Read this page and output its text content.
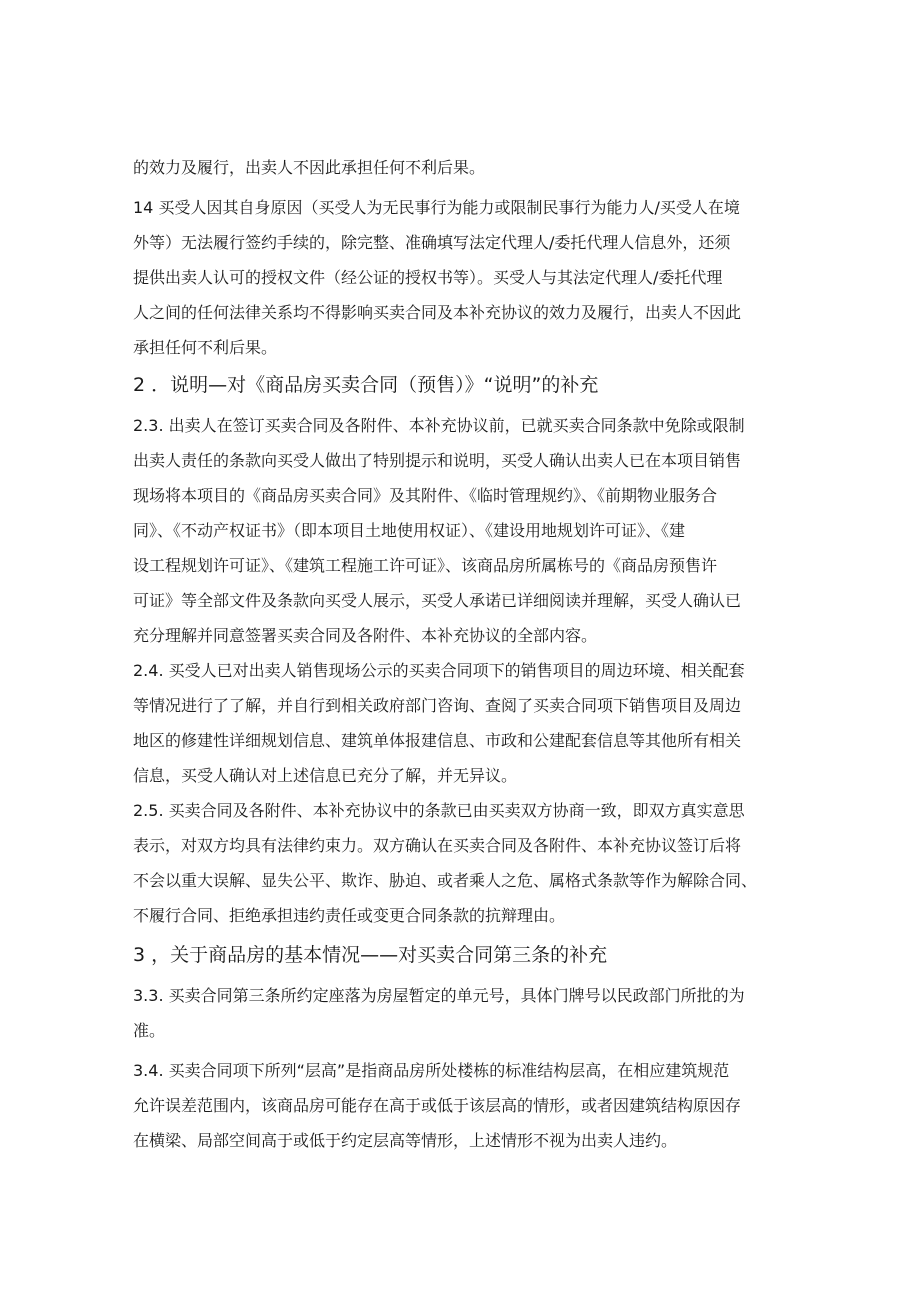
的效力及履行，出卖人不因此承担任何不利后果。
14 买受人因其自身原因（买受人为无民事行为能力或限制民事行为能力人/买受人在境
外等）无法履行签约手续的，除完整、准确填写法定代理人/委托代理人信息外，还须
提供出卖人认可的授权文件（经公证的授权书等）。买受人与其法定代理人/委托代理
人之间的任何法律关系均不得影响买卖合同及本补充协议的效力及履行，出卖人不因此
承担任何不利后果。
2 ．说明—对《商品房买卖合同（预售）》“说明”的补充
2.3. 出卖人在签订买卖合同及各附件、本补充协议前，已就买卖合同条款中免除或限制
出卖人责任的条款向买受人做出了特别提示和说明，买受人确认出卖人已在本项目销售
现场将本项目的《商品房买卖合同》及其附件、《临时管理规约》、《前期物业服务合
同》、《不动产权证书》（即本项目土地使用权证）、《建设用地规划许可证》、《建
设工程规划许可证》、《建筑工程施工许可证》、该商品房所属栋号的《商品房预售许
可证》等全部文件及条款向买受人展示，买受人承诺已详细阅读并理解，买受人确认已
充分理解并同意签署买卖合同及各附件、本补充协议的全部内容。
2.4. 买受人已对出卖人销售现场公示的买卖合同项下的销售项目的周边环境、相关配套
等情况进行了了解，并自行到相关政府部门咨询、查阅了买卖合同项下销售项目及周边
地区的修建性详细规划信息、建筑单体报建信息、市政和公建配套信息等其他所有相关
信息，买受人确认对上述信息已充分了解，并无异议。
2.5. 买卖合同及各附件、本补充协议中的条款已由买卖双方协商一致，即双方真实意思
表示，对双方均具有法律约束力。双方确认在买卖合同及各附件、本补充协议签订后将
不会以重大误解、显失公平、欺诈、胁迫、或者乘人之危、属格式条款等作为解除合同、
不履行合同、拒绝承担违约责任或变更合同条款的抗辩理由。
3 ，关于商品房的基本情况——对买卖合同第三条的补充
3.3. 买卖合同第三条所约定座落为房屋暂定的单元号，具体门牌号以民政部门所批的为
准。
3.4. 买卖合同项下所列“层高”是指商品房所处楼栋的标准结构层高，在相应建筑规范
允许误差范围内，该商品房可能存在高于或低于该层高的情形，或者因建筑结构原因存
在横梁、局部空间高于或低于约定层高等情形，上述情形不视为出卖人违约。
